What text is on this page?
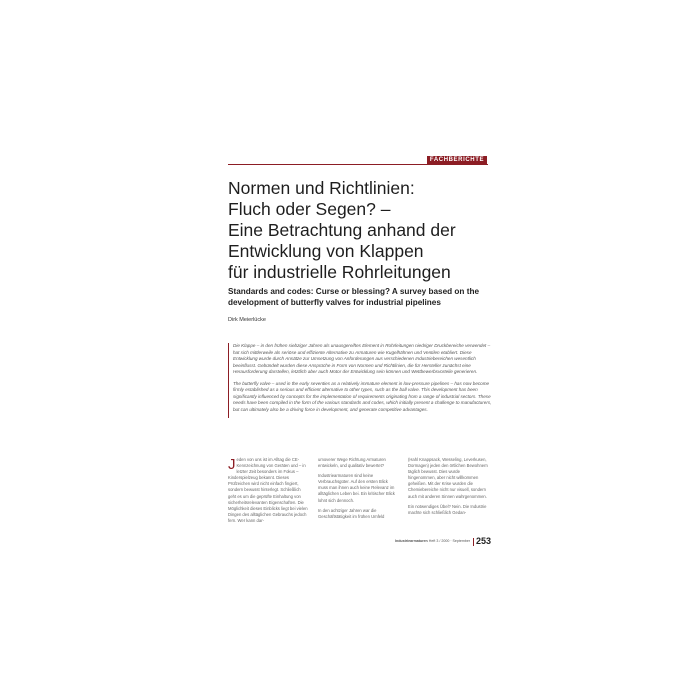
FACHBERICHTE
Normen und Richtlinien:
Fluch oder Segen? –
Eine Betrachtung anhand der
Entwicklung von Klappen
für industrielle Rohrleitungen
Standards and codes: Curse or blessing? A survey based on the
development of butterfly valves for industrial pipelines
Dirk Meierlücke

Die Klappe – in den frühen siebziger Jahren als unausgereiftes Element in Rohrleitungen niedriger Druckbereiche verwendet – hat sich mittlerweile als seriöse und effiziente Alternative zu Armaturen wie Kugelhähnen und Ventilen etabliert. Diese Entwicklung wurde durch Ansätze zur Umsetzung von Anforderungen aus verschiedenen Industriebereichen wesentlich beeinflusst. Gebündelt wurden diese Ansprüche in Form von Normen und Richtlinien, die für Hersteller zunächst eine Herausforderung darstellen, letztlich aber auch Motor der Entwicklung sein können und Wettbewerbsvorteile generieren.

The butterfly valve – used in the early seventies as a relatively immature element in low-pressure pipelines – has now become firmly established as a serious and efficient alternative to other types, such as the ball valve. This development has been significantly influenced by concepts for the implementation of requirements originating from a range of industrial sectors. These needs have been compiled in the form of the various standards and codes, which initially present a challenge to manufacturers, but can ultimately also be a driving force in development, and generate competitive advantages.

Jeden von uns ist im Alltag die CE-Kennzeichnung von Geräten und – in letzter Zeit besonders im Fokus – Kinderspielzeug bekannt. Dieses Prüfzeichen wird nicht einfach fingiert, sondern bewusst hinterlegt. Schließlich geht es um die geprüfte Einhaltung von sicherheitsrelevanten Eigenschaften. Die Möglichkeit dieses Einblicks liegt bei vielen Dingen des alltäglichen Gebrauchs jedoch fern. Wer kann dar-

umoverer Wege Richtung Armaturen entwickeln, und qualitativ bewertet?

Industriearmaturen sind keine Verbrauchsgüter. Auf den ersten Blick muss man ihnen auch keine Relevanz im alltäglichen Leben bei. Ein kritischer Blick lohnt sich dennoch.

In den achtziger Jahren war die Geschäftstätigkeit im frühen Umfeld

(Hahl Knappsack, Wesseling, Leverkusen, Dormagen) jeden den örtlichen Bewohnern täglich bewusst. Dies wurde hingenommen, aber nicht willkommen geheißen. Mit der Krise wurden die Chemiebereiche nicht nur visuell, sondern auch mit anderen Sinnen wahrgenommen.

Ein notwendiges Übel? Nein. Die Industrie machte sich schließlich Gedan-

Industriearmaturen Heft 3 / 2000 · September 253
